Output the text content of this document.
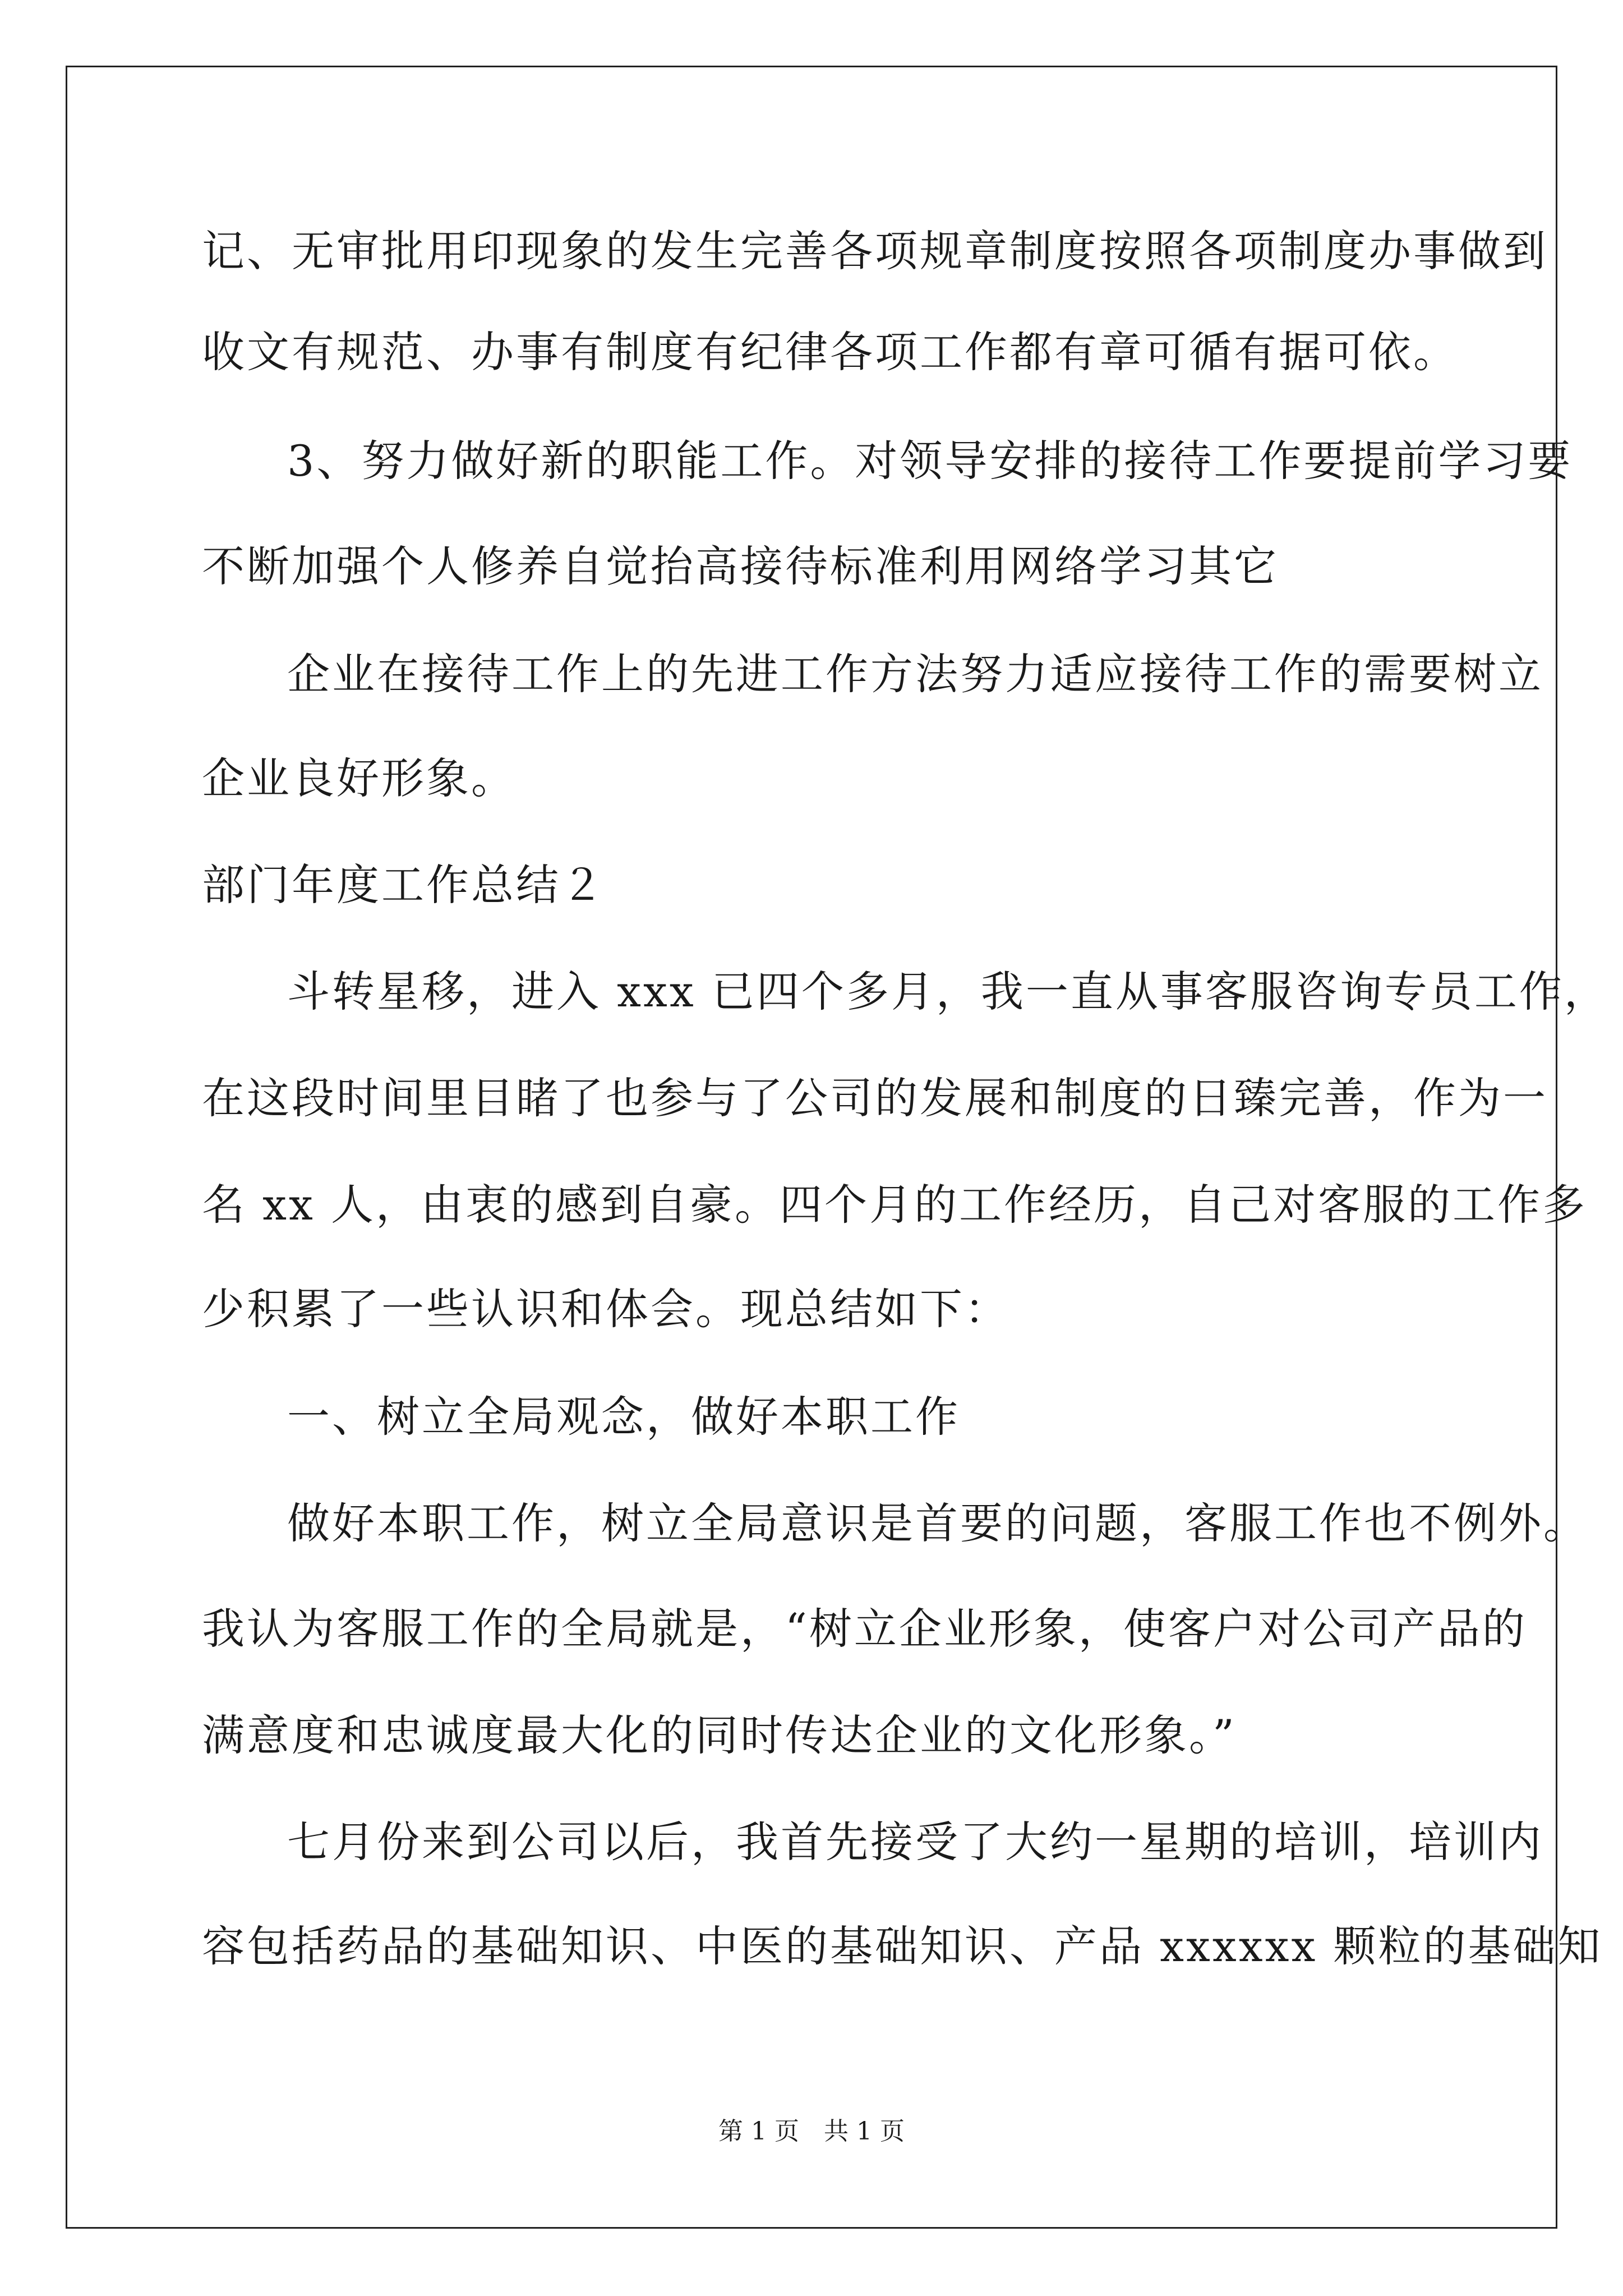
记、无审批用印现象的发生完善各项规章制度按照各项制度办事做到
收文有规范、办事有制度有纪律各项工作都有章可循有据可依。
3、努力做好新的职能工作。对领导安排的接待工作要提前学习要
不断加强个人修养自觉抬高接待标准利用网络学习其它
企业在接待工作上的先进工作方法努力适应接待工作的需要树立
企业良好形象。
部门年度工作总结２
斗转星移，进入 xxx 已四个多月，我一直从事客服咨询专员工作，
在这段时间里目睹了也参与了公司的发展和制度的日臻完善，作为一
名 xx 人，由衷的感到自豪。四个月的工作经历，自己对客服的工作多
少积累了一些认识和体会。现总结如下：
一、树立全局观念，做好本职工作
做好本职工作，树立全局意识是首要的问题，客服工作也不例外。
我认为客服工作的全局就是，“树立企业形象，使客户对公司产品的
满意度和忠诚度最大化的同时传达企业的文化形象。”
七月份来到公司以后，我首先接受了大约一星期的培训，培训内
容包括药品的基础知识、中医的基础知识、产品 xxxxxx 颗粒的基础知
第 1 页　共 1 页
